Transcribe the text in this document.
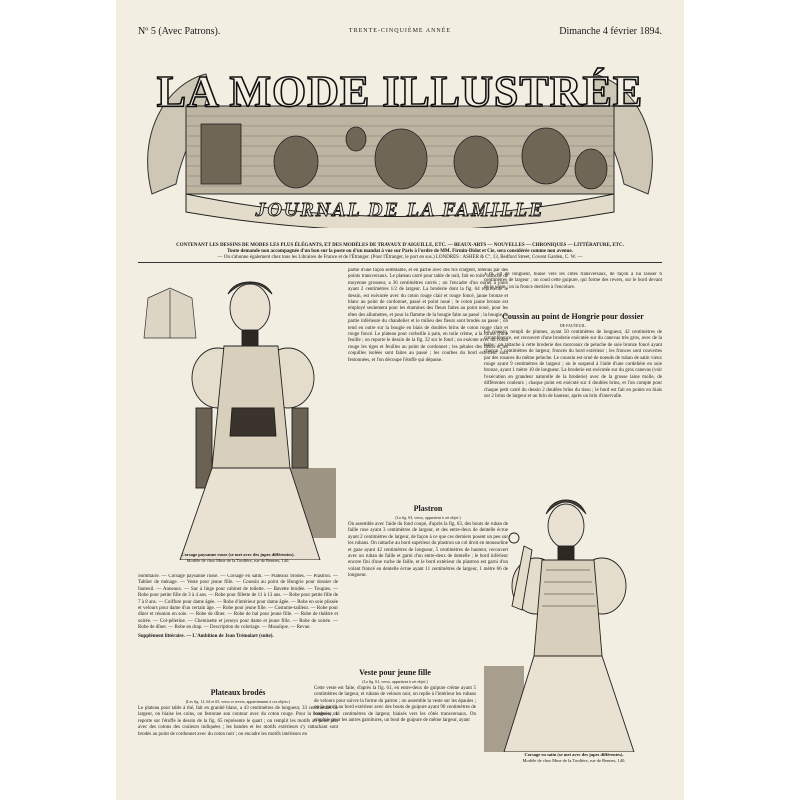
Nº 5 (Avec Patrons).	TRENTE-CINQUIÈME ANNÉE	Dimanche 4 février 1894.
LA MODE ILLUSTRÉE
JOURNAL DE LA FAMILLE
CONTENANT LES DESSINS DE MODES LES PLUS ÉLÉGANTS, ET DES MODÈLES DE TRAVAUX D'AIGUILLE, ETC. — BEAUX-ARTS — NOUVELLES — CHRONIQUES — LITTÉRATURE, ETC.
Toute demande non accompagnée d'un bon sur la poste ou d'un mandat à vue sur Paris à l'ordre de MM. Firmin-Didot et Cie, sera considérée comme non avenue.
— On s'abonne également chez tous les Libraires de France et de l'Étranger. (Pour l'Étranger, le port en sus.) LONDRES : ASHER & Cº, 13, Bedford Street, Covent Garden, C. W. —
Corsage paysanne russe (se met avec des jupes différentes).
Modèle de chez Mme de la Tordière, rue de Rennes, 140.

Sommaire. — Corsage paysanne russe. — Corsage en satin. — Plateaux brodés. — Plastron. — Tablier de ménage. — Veste pour jeune fille. — Coussin au point de Hongrie pour dossier de fauteuil. — Anneaux. — Sac à linge pour cabinet de toilette. — Bavette brodée. — Toupies. — Robe pour petite fille de 3 à 4 ans. — Robe pour fillette de 11 à 13 ans. — Robe pour petite fille de 7 à 8 ans. — Coiffure pour dame âgée. — Robe d'intérieur pour dame âgée. — Robe en soie plissée et velours pour dame d'un certain âge. — Robe pour jeune fille. — Costume-tailleur. — Robe pour dîner et réunion en soie. — Robe de dîner. — Robe de bal pour jeune fille. — Robe de théâtre et soirée. — Col-pèlerine. — Chemisette et jerseys pour dame et jeune fille. — Robe de soirée. — Robe de dîner. — Robe en drap. — Description du coloriage. — Mosaïque. — Revue.

Supplément littéraire. — L'Ambition de Jean Trémolart (suite).

Plateaux brodés
(Les fig. 12, 64 et 65, verso et revers, appartiennent à ces objets.)

Le plateau pour table à thé, fait en granité blanc, a 43 centimètres de longueur, 33 centimètres de largeur, on biaise les coins, on festonne son contour avec du coton rouge. Pour la broderie, on reporte sur l'étoffe le dessin de la fig. 65 représente le quart ; on remplit les motifs au point plat avec des cotons des couleurs indiquées ; les bandes et les motifs extérieurs s'y rattachant sont brodés au point de cordonnet avec du coton noir ; on encadre les motifs intérieurs en

partie d'une façon semblable, et en partie avec des fils d'argent, retenus par des points transversaux. Le plateau carré pour table de nuit, fait en toile blanche de moyenne grosseur, a 36 centimètres carrés ; on l'encadre d'un ourlet à jours ayant 2 centimètres 1/2 de largeur. La broderie dont la fig. 64 représente le dessin, est exécutée avec du coton rouge clair et rouge foncé, jaune bronze et blanc au point de cordonnet, passé et point noué ; le coton jaune bronze est employé seulement pour les étamines des fleurs faites au point noué, pour les têtes des allumettes, et pour la flamme de la bougie faite au passé ; la bougie, la partie inférieure du chandelier et le milieu des fleurs sont brodés au passé ; on tend en outre sur la bougie en biais de doubles brins de coton rouge clair et rouge foncé. Le plateau pour corbeille à pain, en toile crème, a la forme d'une feuille ; on reporte le dessin de la fig. 32 sur le fond ; on exécute avec du coton rouge les tiges et feuilles au point de cordonnet ; les pétales des fleurs et les coquilles isolées sont faites au passé ; les courbes du bord extérieur sont festonnées, et l'on découpe l'étoffe qui dépasse.

Plastron
(La fig. 63, verso, appartient à cet objet.)

On assemble avec l'aide du fond coupé, d'après la fig. 63, des bouts de ruban de faille rose ayant 3 centimètres de largeur, et des entre-deux de dentelle écrue ayant 2 centimètres de largeur, de façon à ce que ces derniers posent un peu sur les rubans. On rattache au bord supérieur du plastron un col droit en mousseline et gaze ayant 42 centimètres de longueur, 5 centimètres de hauteur, recouvert avec un ruban de faille et garni d'un entre-deux de dentelle ; le bord inférieur encore fini d'une ruche de faille, et le bord extérieur du plastron est garni d'un volant froncé en dentelle écrue ayant 11 centimètres de largeur, 1 mètre 66 de longueur.

Veste pour jeune fille
(La fig. 61, verso, appartient à cet objet.)

Cette veste est faite, d'après la fig. 61, en entre-deux de guipure crème ayant 5 centimètres de largeur, et rubans de velours noir, on replie à l'intérieur les rubans de velours pour suivre la forme du patron ; on assemble la veste sur les épaules ; on la garnit au bord extérieur avec des bouts de guipure ayant 90 centimètres de longueur, 11 centimètres de largeur, biaisés vers les côtés transversaux. On emploie pour les autres garnitures, un bout de guipure de même largeur, ayant

1 m. 50 de longueur, biaisé vers les côtés transversaux, de façon à lui laisser 6 centimètres de largeur ; on coud cette guipure, qui forme des revers, sur le bord devant de la veste ; on la fronce derrière à l'encolure.

Coussin au point de Hongrie pour dossier
DE FAUTEUIL.

Ce coussin, rempli de plumes, ayant 50 centimètres de longueur, 42 centimètres de circonférence, est recouvert d'une broderie exécutée sur du canevas très gros, avec de la laine ; on rattache à cette broderie des morceaux de peluche de soie bronze foncé ayant chacun 7 centimètres de largeur, froncés du bord extérieur ; les fronces sont couvertes par des rosaces du même peluche. Le coussin est orné de noeuds de ruban de satin vieux rouge ayant 9 centimètres de largeur ; on le suspend à l'aide d'une cordelière en soie bronze, ayant 1 mètre 10 de longueur. La broderie est exécutée sur du gros canevas (voir l'exécution en grandeur naturelle de la broderie) avec de la grosse laine molle, de différentes couleurs ; chaque point est exécuté sur 4 doubles brins, et l'on compte pour chaque petit carré du dessin 2 doubles brins du tissu ; le bord est fait en points en biais sur 2 brins de largeur et un brin de hauteur, après un brin d'intervalle.

Corsage en satin (se met avec des jupes différentes).
Modèle de chez Mme de la Tordière, rue de Rennes, 140.
